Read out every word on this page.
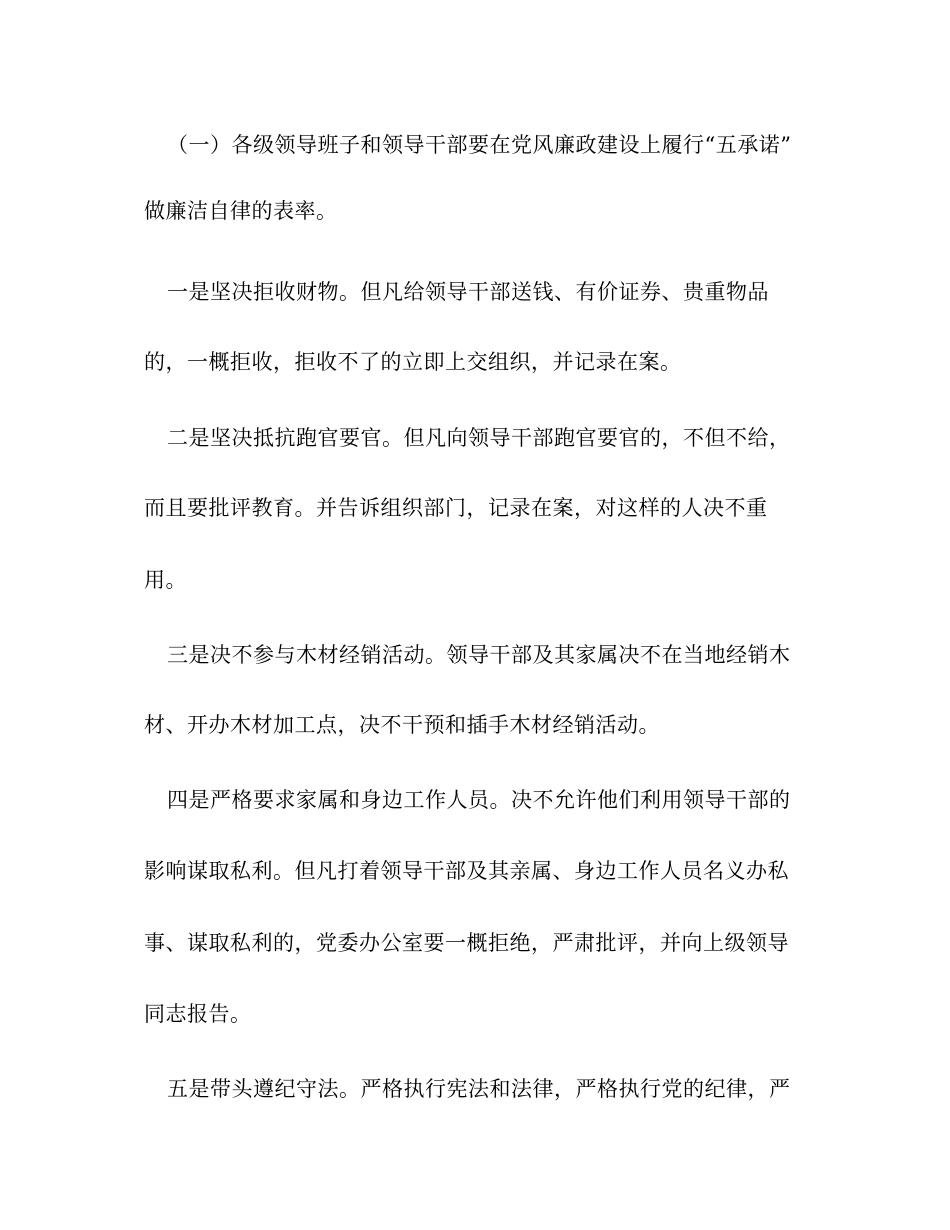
（一）各级领导班子和领导干部要在党风廉政建设上履行“五承诺”
做廉洁自律的表率。
一是坚决拒收财物。但凡给领导干部送钱、有价证券、贵重物品
的，一概拒收，拒收不了的立即上交组织，并记录在案。
二是坚决抵抗跑官要官。但凡向领导干部跑官要官的，不但不给，
而且要批评教育。并告诉组织部门，记录在案，对这样的人决不重
用。
三是决不参与木材经销活动。领导干部及其家属决不在当地经销木
材、开办木材加工点，决不干预和插手木材经销活动。
四是严格要求家属和身边工作人员。决不允许他们利用领导干部的
影响谋取私利。但凡打着领导干部及其亲属、身边工作人员名义办私
事、谋取私利的，党委办公室要一概拒绝，严肃批评，并向上级领导
同志报告。
五是带头遵纪守法。严格执行宪法和法律，严格执行党的纪律，严
